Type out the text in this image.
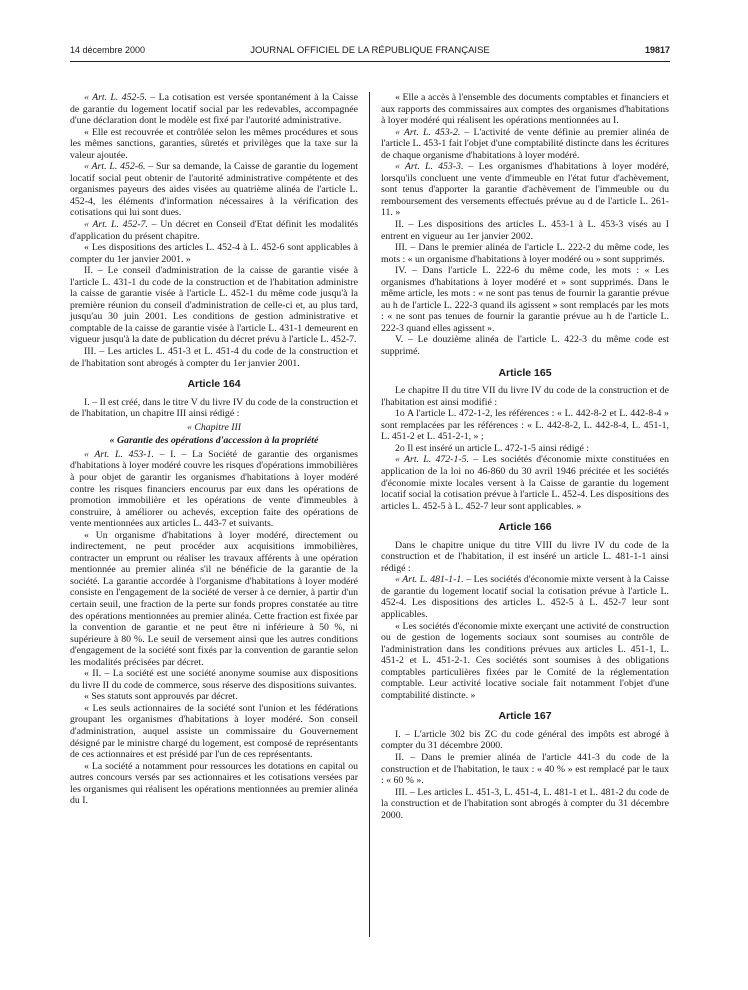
14 décembre 2000	JOURNAL OFFICIEL DE LA RÉPUBLIQUE FRANÇAISE	19817

« Art. L. 452-5. – La cotisation est versée spontanément à la Caisse de garantie du logement locatif social par les redevables, accompagnée d'une déclaration dont le modèle est fixé par l'autorité administrative.

« Elle est recouvrée et contrôlée selon les mêmes procédures et sous les mêmes sanctions, garanties, sûretés et privilèges que la taxe sur la valeur ajoutée.

« Art. L. 452-6. – Sur sa demande, la Caisse de garantie du logement locatif social peut obtenir de l'autorité administrative compétente et des organismes payeurs des aides visées au quatrième alinéa de l'article L. 452-4, les éléments d'information nécessaires à la vérification des cotisations qui lui sont dues.

« Art. L. 452-7. – Un décret en Conseil d'Etat définit les modalités d'application du présent chapitre.

« Les dispositions des articles L. 452-4 à L. 452-6 sont applicables à compter du 1er janvier 2001. »

II. – Le conseil d'administration de la caisse de garantie visée à l'article L. 431-1 du code de la construction et de l'habitation administre la caisse de garantie visée à l'article L. 452-1 du même code jusqu'à la première réunion du conseil d'administration de celle-ci et, au plus tard, jusqu'au 30 juin 2001. Les conditions de gestion administrative et comptable de la caisse de garantie visée à l'article L. 431-1 demeurent en vigueur jusqu'à la date de publication du décret prévu à l'article L. 452-7.

III. – Les articles L. 451-3 et L. 451-4 du code de la construction et de l'habitation sont abrogés à compter du 1er janvier 2001.

Article 164

I. – Il est créé, dans le titre V du livre IV du code de la construction et de l'habitation, un chapitre III ainsi rédigé :

« Chapitre III

« Garantie des opérations d'accession à la propriété

« Art. L. 453-1. – I. – La Société de garantie des organismes d'habitations à loyer modéré couvre les risques d'opérations immobilières à pour objet de garantir les organismes d'habitations à loyer modéré contre les risques financiers encourus par eux dans les opérations de promotion immobilière et les opérations de vente d'immeubles à construire, à améliorer ou achevés, exception faite des opérations de vente mentionnées aux articles L. 443-7 et suivants.

« Un organisme d'habitations à loyer modéré, directement ou indirectement, ne peut procéder aux acquisitions immobilières, contracter un emprunt ou réaliser les travaux afférents à une opération mentionnée au premier alinéa s'il ne bénéficie de la garantie de la société. La garantie accordée à l'organisme d'habitations à loyer modéré consiste en l'engagement de la société de verser à ce dernier, à partir d'un certain seuil, une fraction de la perte sur fonds propres constatée au titre des opérations mentionnées au premier alinéa. Cette fraction est fixée par la convention de garantie et ne peut être ni inférieure à 50 %, ni supérieure à 80 %. Le seuil de versement ainsi que les autres conditions d'engagement de la société sont fixés par la convention de garantie selon les modalités précisées par décret.

« II. – La société est une société anonyme soumise aux dispositions du livre II du code de commerce, sous réserve des dispositions suivantes.

« Ses statuts sont approuvés par décret.

« Les seuls actionnaires de la société sont l'union et les fédérations groupant les organismes d'habitations à loyer modéré. Son conseil d'administration, auquel assiste un commissaire du Gouvernement désigné par le ministre chargé du logement, est composé de représentants de ces actionnaires et est présidé par l'un de ces représentants.

« La société a notamment pour ressources les dotations en capital ou autres concours versés par ses actionnaires et les cotisations versées par les organismes qui réalisent les opérations mentionnées au premier alinéa du I.

« Elle a accès à l'ensemble des documents comptables et financiers et aux rapports des commissaires aux comptes des organismes d'habitations à loyer modéré qui réalisent les opérations mentionnées au I.

« Art. L. 453-2. – L'activité de vente définie au premier alinéa de l'article L. 453-1 fait l'objet d'une comptabilité distincte dans les écritures de chaque organisme d'habitations à loyer modéré.

« Art. L. 453-3. – Les organismes d'habitations à loyer modéré, lorsqu'ils concluent une vente d'immeuble en l'état futur d'achèvement, sont tenus d'apporter la garantie d'achèvement de l'immeuble ou du remboursement des versements effectués prévue au d de l'article L. 261-11. »

II. – Les dispositions des articles L. 453-1 à L. 453-3 visés au I entrent en vigueur au 1er janvier 2002.

III. – Dans le premier alinéa de l'article L. 222-2 du même code, les mots : « un organisme d'habitations à loyer modéré ou » sont supprimés.

IV. – Dans l'article L. 222-6 du même code, les mots : « Les organismes d'habitations à loyer modéré et » sont supprimés. Dans le même article, les mots : « ne sont pas tenus de fournir la garantie prévue au h de l'article L. 222-3 quand ils agissent » sont remplacés par les mots : « ne sont pas tenues de fournir la garantie prévue au h de l'article L. 222-3 quand elles agissent ».

V. – Le douzième alinéa de l'article L. 422-3 du même code est supprimé.

Article 165

Le chapitre II du titre VII du livre IV du code de la construction et de l'habitation est ainsi modifié :

1o A l'article L. 472-1-2, les références : « L. 442-8-2 et L. 442-8-4 » sont remplacées par les références : « L. 442-8-2, L. 442-8-4, L. 451-1, L. 451-2 et L. 451-2-1, » ;

2o Il est inséré un article L. 472-1-5 ainsi rédigé :

« Art. L. 472-1-5. – Les sociétés d'économie mixte constituées en application de la loi no 46-860 du 30 avril 1946 précitée et les sociétés d'économie mixte locales versent à la Caisse de garantie du logement locatif social la cotisation prévue à l'article L. 452-4. Les dispositions des articles L. 452-5 à L. 452-7 leur sont applicables. »

Article 166

Dans le chapitre unique du titre VIII du livre IV du code de la construction et de l'habitation, il est inséré un article L. 481-1-1 ainsi rédigé :

« Art. L. 481-1-1. – Les sociétés d'économie mixte versent à la Caisse de garantie du logement locatif social la cotisation prévue à l'article L. 452-4. Les dispositions des articles L. 452-5 à L. 452-7 leur sont applicables.

« Les sociétés d'économie mixte exerçant une activité de construction ou de gestion de logements sociaux sont soumises au contrôle de l'administration dans les conditions prévues aux articles L. 451-1, L. 451-2 et L. 451-2-1. Ces sociétés sont soumises à des obligations comptables particulières fixées par le Comité de la réglementation comptable. Leur activité locative sociale fait notamment l'objet d'une comptabilité distincte. »

Article 167

I. – L'article 302 bis ZC du code général des impôts est abrogé à compter du 31 décembre 2000.

II. – Dans le premier alinéa de l'article 441-3 du code de la construction et de l'habitation, le taux : « 40 % » est remplacé par le taux : « 60 % ».

III. – Les articles L. 451-3, L. 451-4, L. 481-1 et L. 481-2 du code de la construction et de l'habitation sont abrogés à compter du 31 décembre 2000.
